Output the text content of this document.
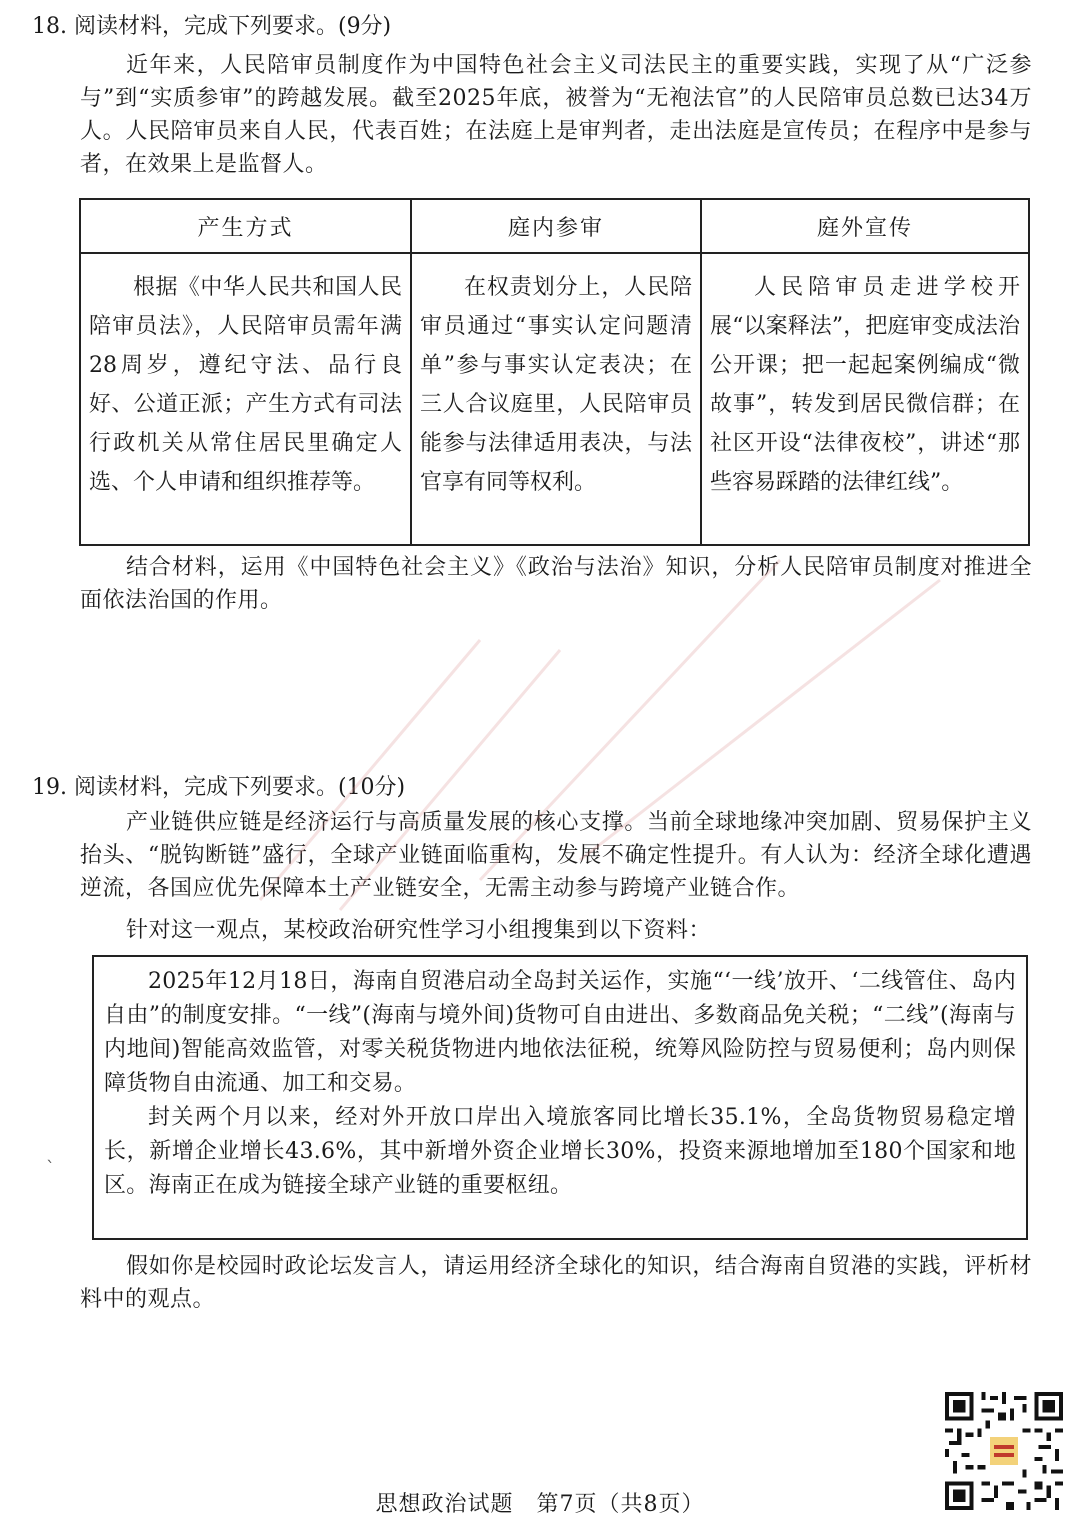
18. 阅读材料，完成下列要求。(9分)
近年来，人民陪审员制度作为中国特色社会主义司法民主的重要实践，实现了从“广泛参与”到“实质参审”的跨越发展。截至2025年底，被誉为“无袍法官”的人民陪审员总数已达34万人。人民陪审员来自人民，代表百姓；在法庭上是审判者，走出法庭是宣传员；在程序中是参与者，在效果上是监督人。
产生方式	庭内参审	庭外宣传
根据《中华人民共和国人民陪审员法》，人民陪审员需年满28周岁，遵纪守法、品行良好、公道正派；产生方式有司法行政机关从常住居民里确定人选、个人申请和组织推荐等。	在权责划分上，人民陪审员通过“事实认定问题清单”参与事实认定表决；在三人合议庭里，人民陪审员能参与法律适用表决，与法官享有同等权利。	人民陪审员走进学校开展“以案释法”，把庭审变成法治公开课；把一起起案例编成“微故事”，转发到居民微信群；在社区开设“法律夜校”，讲述“那些容易踩踏的法律红线”。
结合材料，运用《中国特色社会主义》《政治与法治》知识，分析人民陪审员制度对推进全面依法治国的作用。
19. 阅读材料，完成下列要求。(10分)
产业链供应链是经济运行与高质量发展的核心支撑。当前全球地缘冲突加剧、贸易保护主义抬头、“脱钩断链”盛行，全球产业链面临重构，发展不确定性提升。有人认为：经济全球化遭遇逆流，各国应优先保障本土产业链安全，无需主动参与跨境产业链合作。
针对这一观点，某校政治研究性学习小组搜集到以下资料：

2025年12月18日，海南自贸港启动全岛封关运作，实施“‘一线’放开、‘二线管住、岛内自由”的制度安排。“一线”(海南与境外间)货物可自由进出、多数商品免关税；“二线”(海南与内地间)智能高效监管，对零关税货物进内地依法征税，统筹风险防控与贸易便利；岛内则保障货物自由流通、加工和交易。

封关两个月以来，经对外开放口岸出入境旅客同比增长35.1%，全岛货物贸易稳定增长，新增企业增长43.6%，其中新增外资企业增长30%，投资来源地增加至180个国家和地区。海南正在成为链接全球产业链的重要枢纽。

`
假如你是校园时政论坛发言人，请运用经济全球化的知识，结合海南自贸港的实践，评析材料中的观点。
思想政治试题　第7页（共8页）
